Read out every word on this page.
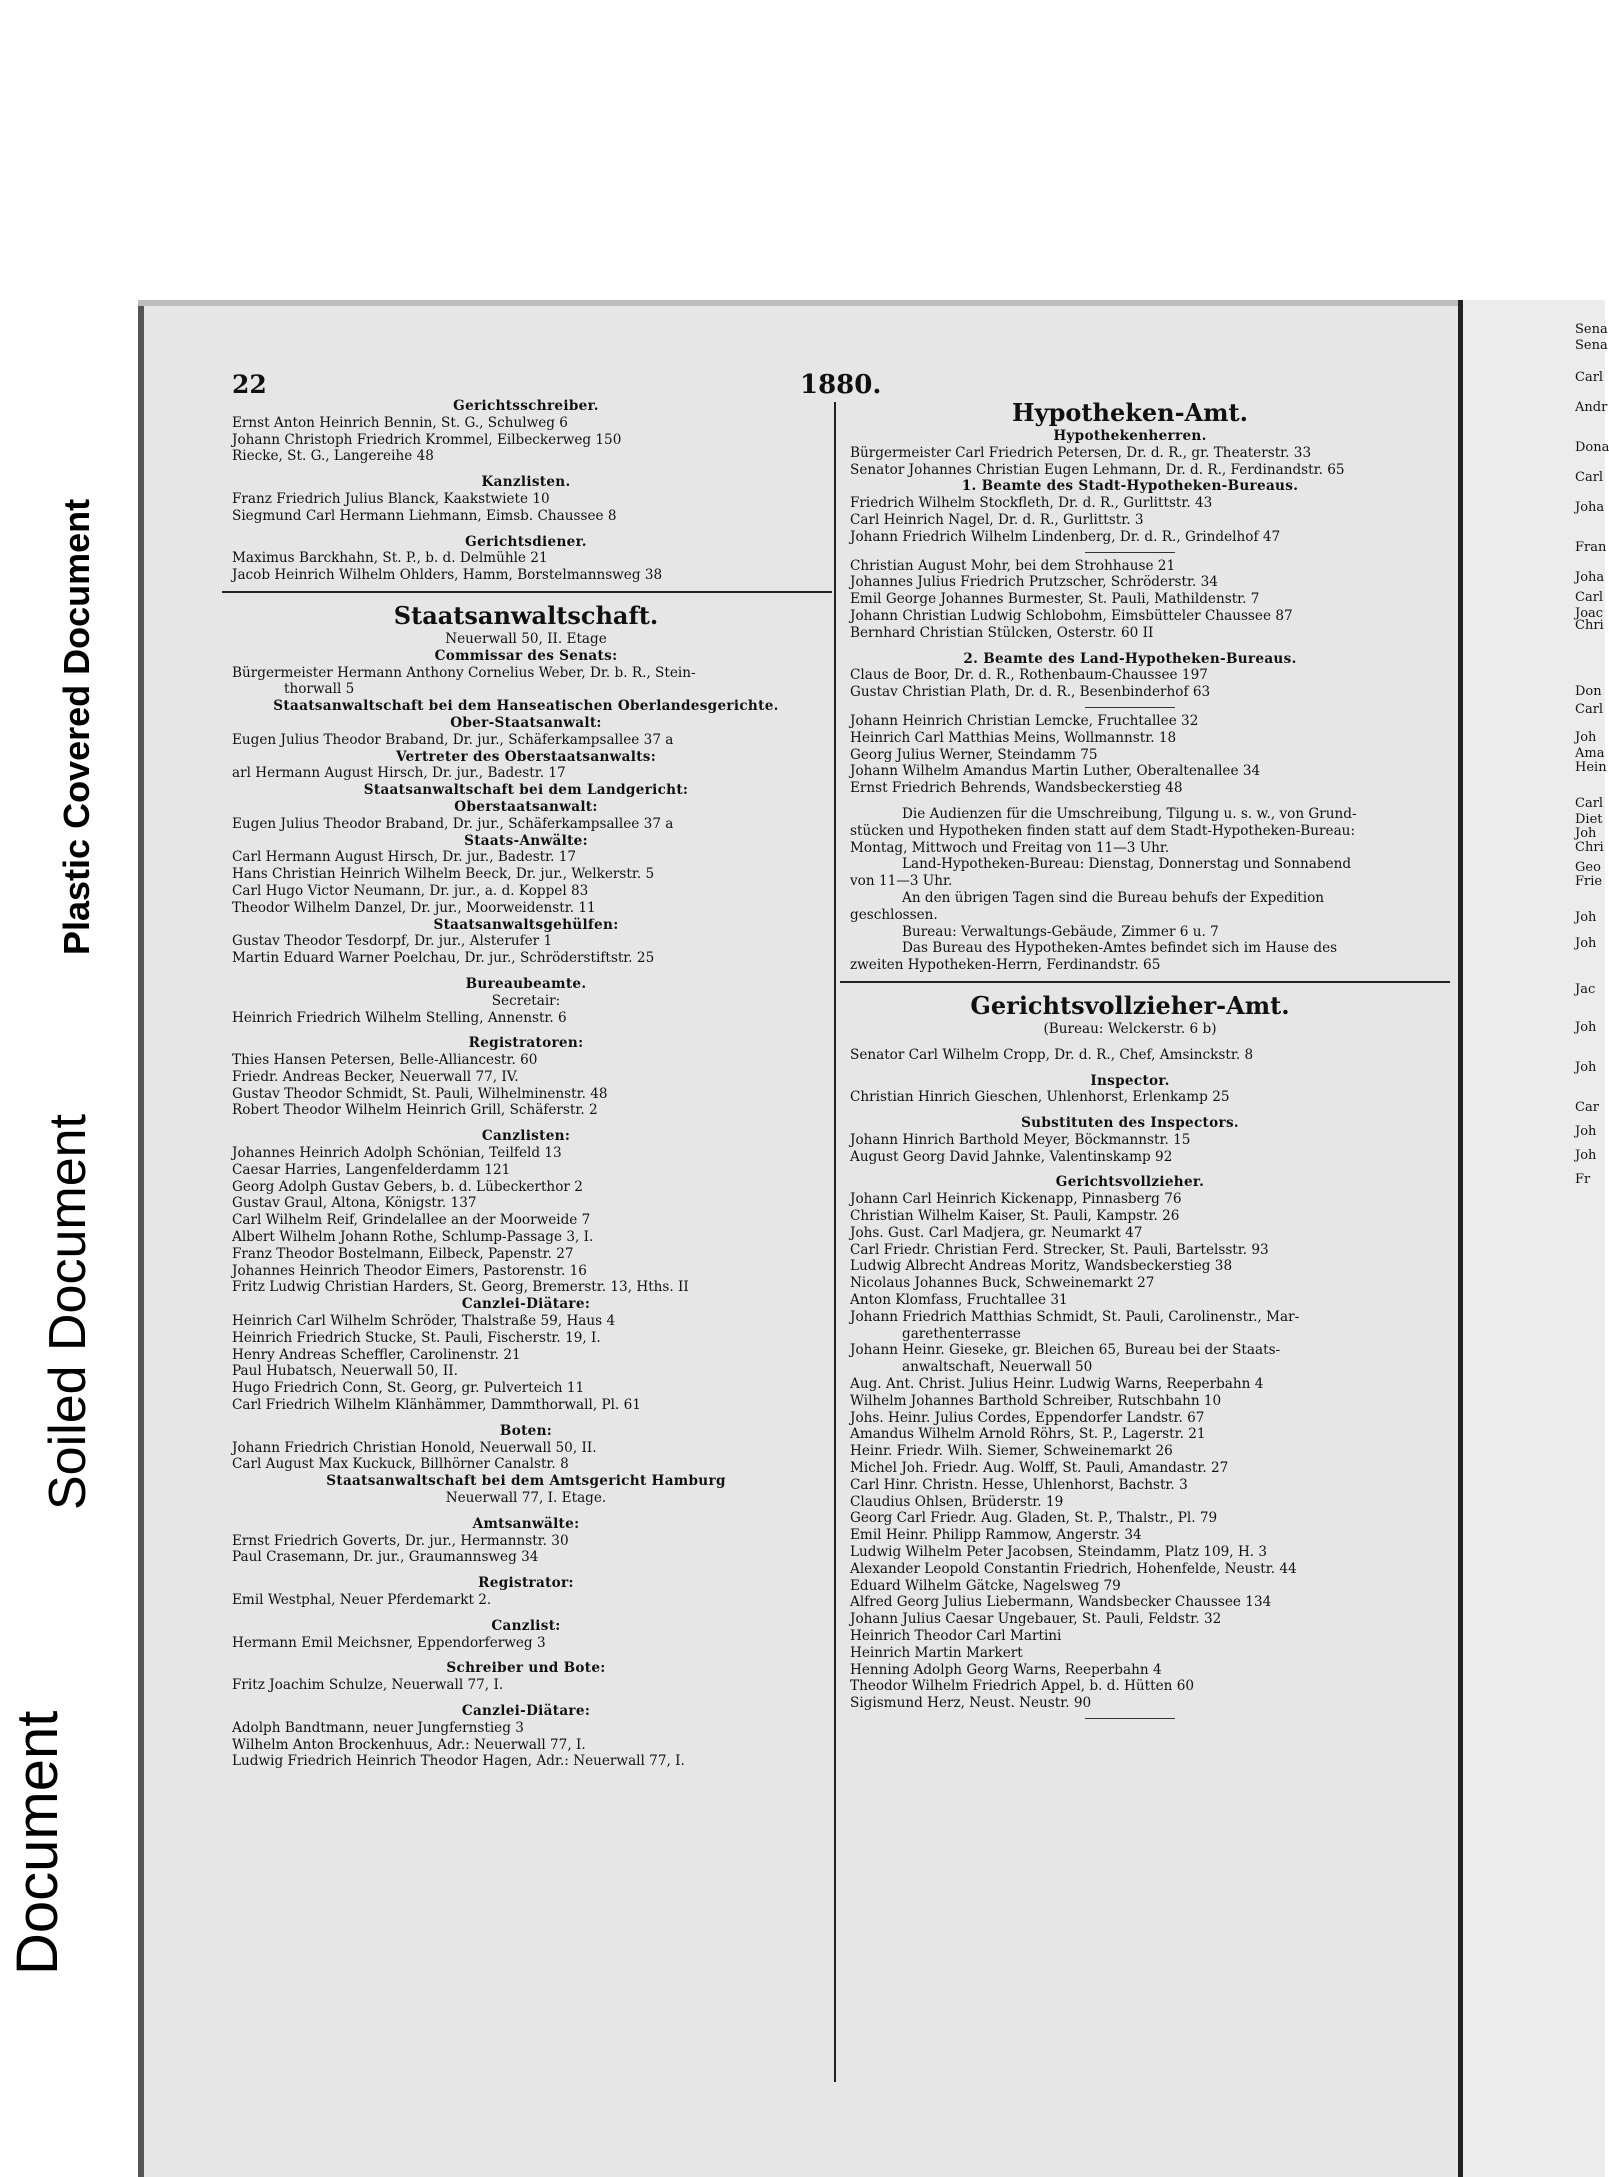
Plastic Covered Document
Soiled Document
Document
Sena
Sena
Carl
Andr
Dona
Carl
Joha
Fran
Joha
Carl
Joac
Chri
Don
Carl
Joh
Ama
Hein
Carl
Diet
Joh
Chri
Geo
Frie
Joh
Joh
Jac
Joh
Joh
Car
Joh
Joh
Fr
22	1880.
Gerichtsschreiber.
Ernst Anton Heinrich Bennin, St. G., Schulweg 6
Johann Christoph Friedrich Krommel, Eilbeckerweg 150
Riecke, St. G., Langereihe 48
Kanzlisten.
Franz Friedrich Julius Blanck, Kaakstwiete 10
Siegmund Carl Hermann Liehmann, Eimsb. Chaussee 8
Gerichtsdiener.
Maximus Barckhahn, St. P., b. d. Delmühle 21
Jacob Heinrich Wilhelm Ohlders, Hamm, Borstelmannsweg 38
Staatsanwaltschaft.
Neuerwall 50, II. Etage
Commissar des Senats:
Bürgermeister Hermann Anthony Cornelius Weber, Dr. b. R., Stein-
thorwall 5
Staatsanwaltschaft bei dem Hanseatischen Oberlandesgerichte.
Ober-Staatsanwalt:
Eugen Julius Theodor Braband, Dr. jur., Schäferkampsallee 37 a
Vertreter des Oberstaatsanwalts:
arl Hermann August Hirsch, Dr. jur., Badestr. 17
Staatsanwaltschaft bei dem Landgericht:
Oberstaatsanwalt:
Eugen Julius Theodor Braband, Dr. jur., Schäferkampsallee 37 a
Staats-Anwälte:
Carl Hermann August Hirsch, Dr. jur., Badestr. 17
Hans Christian Heinrich Wilhelm Beeck, Dr. jur., Welkerstr. 5
Carl Hugo Victor Neumann, Dr. jur., a. d. Koppel 83
Theodor Wilhelm Danzel, Dr. jur., Moorweidenstr. 11
Staatsanwaltsgehülfen:
Gustav Theodor Tesdorpf, Dr. jur., Alsterufer 1
Martin Eduard Warner Poelchau, Dr. jur., Schröderstiftstr. 25
Bureaubeamte.
Secretair:
Heinrich Friedrich Wilhelm Stelling, Annenstr. 6
Registratoren:
Thies Hansen Petersen, Belle-Alliancestr. 60
Friedr. Andreas Becker, Neuerwall 77, IV.
Gustav Theodor Schmidt, St. Pauli, Wilhelminenstr. 48
Robert Theodor Wilhelm Heinrich Grill, Schäferstr. 2
Canzlisten:
Johannes Heinrich Adolph Schönian, Teilfeld 13
Caesar Harries, Langenfelderdamm 121
Georg Adolph Gustav Gebers, b. d. Lübeckerthor 2
Gustav Graul, Altona, Königstr. 137
Carl Wilhelm Reif, Grindelallee an der Moorweide 7
Albert Wilhelm Johann Rothe, Schlump-Passage 3, I.
Franz Theodor Bostelmann, Eilbeck, Papenstr. 27
Johannes Heinrich Theodor Eimers, Pastorenstr. 16
Fritz Ludwig Christian Harders, St. Georg, Bremerstr. 13, Hths. II
Canzlei-Diätare:
Heinrich Carl Wilhelm Schröder, Thalstraße 59, Haus 4
Heinrich Friedrich Stucke, St. Pauli, Fischerstr. 19, I.
Henry Andreas Scheffler, Carolinenstr. 21
Paul Hubatsch, Neuerwall 50, II.
Hugo Friedrich Conn, St. Georg, gr. Pulverteich 11
Carl Friedrich Wilhelm Klänhämmer, Dammthorwall, Pl. 61
Boten:
Johann Friedrich Christian Honold, Neuerwall 50, II.
Carl August Max Kuckuck, Billhörner Canalstr. 8
Staatsanwaltschaft bei dem Amtsgericht Hamburg
Neuerwall 77, I. Etage.
Amtsanwälte:
Ernst Friedrich Goverts, Dr. jur., Hermannstr. 30
Paul Crasemann, Dr. jur., Graumannsweg 34
Registrator:
Emil Westphal, Neuer Pferdemarkt 2.
Canzlist:
Hermann Emil Meichsner, Eppendorferweg 3
Schreiber und Bote:
Fritz Joachim Schulze, Neuerwall 77, I.
Canzlei-Diätare:
Adolph Bandtmann, neuer Jungfernstieg 3
Wilhelm Anton Brockenhuus, Adr.: Neuerwall 77, I.
Ludwig Friedrich Heinrich Theodor Hagen, Adr.: Neuerwall 77, I.
Hypotheken-Amt.
Hypothekenherren.
Bürgermeister Carl Friedrich Petersen, Dr. d. R., gr. Theaterstr. 33
Senator Johannes Christian Eugen Lehmann, Dr. d. R., Ferdinandstr. 65
1. Beamte des Stadt-Hypotheken-Bureaus.
Friedrich Wilhelm Stockfleth, Dr. d. R., Gurlittstr. 43
Carl Heinrich Nagel, Dr. d. R., Gurlittstr. 3
Johann Friedrich Wilhelm Lindenberg, Dr. d. R., Grindelhof 47
Christian August Mohr, bei dem Strohhause 21
Johannes Julius Friedrich Prutzscher, Schröderstr. 34
Emil George Johannes Burmester, St. Pauli, Mathildenstr. 7
Johann Christian Ludwig Schlobohm, Eimsbütteler Chaussee 87
Bernhard Christian Stülcken, Osterstr. 60 II
2. Beamte des Land-Hypotheken-Bureaus.
Claus de Boor, Dr. d. R., Rothenbaum-Chaussee 197
Gustav Christian Plath, Dr. d. R., Besenbinderhof 63
Johann Heinrich Christian Lemcke, Fruchtallee 32
Heinrich Carl Matthias Meins, Wollmannstr. 18
Georg Julius Werner, Steindamm 75
Johann Wilhelm Amandus Martin Luther, Oberaltenallee 34
Ernst Friedrich Behrends, Wandsbeckerstieg 48
Die Audienzen für die Umschreibung, Tilgung u. s. w., von Grund-
stücken und Hypotheken finden statt auf dem Stadt-Hypotheken-Bureau:
Montag, Mittwoch und Freitag von 11—3 Uhr.
Land-Hypotheken-Bureau: Dienstag, Donnerstag und Sonnabend
von 11—3 Uhr.
An den übrigen Tagen sind die Bureau behufs der Expedition
geschlossen.
Bureau: Verwaltungs-Gebäude, Zimmer 6 u. 7
Das Bureau des Hypotheken-Amtes befindet sich im Hause des
zweiten Hypotheken-Herrn, Ferdinandstr. 65
Gerichtsvollzieher-Amt.
(Bureau: Welckerstr. 6 b)
Senator Carl Wilhelm Cropp, Dr. d. R., Chef, Amsinckstr. 8
Inspector.
Christian Hinrich Gieschen, Uhlenhorst, Erlenkamp 25
Substituten des Inspectors.
Johann Hinrich Barthold Meyer, Böckmannstr. 15
August Georg David Jahnke, Valentinskamp 92
Gerichtsvollzieher.
Johann Carl Heinrich Kickenapp, Pinnasberg 76
Christian Wilhelm Kaiser, St. Pauli, Kampstr. 26
Johs. Gust. Carl Madjera, gr. Neumarkt 47
Carl Friedr. Christian Ferd. Strecker, St. Pauli, Bartelsstr. 93
Ludwig Albrecht Andreas Moritz, Wandsbeckerstieg 38
Nicolaus Johannes Buck, Schweinemarkt 27
Anton Klomfass, Fruchtallee 31
Johann Friedrich Matthias Schmidt, St. Pauli, Carolinenstr., Mar-
garethenterrasse
Johann Heinr. Gieseke, gr. Bleichen 65, Bureau bei der Staats-
anwaltschaft, Neuerwall 50
Aug. Ant. Christ. Julius Heinr. Ludwig Warns, Reeperbahn 4
Wilhelm Johannes Barthold Schreiber, Rutschbahn 10
Johs. Heinr. Julius Cordes, Eppendorfer Landstr. 67
Amandus Wilhelm Arnold Röhrs, St. P., Lagerstr. 21
Heinr. Friedr. Wilh. Siemer, Schweinemarkt 26
Michel Joh. Friedr. Aug. Wolff, St. Pauli, Amandastr. 27
Carl Hinr. Christn. Hesse, Uhlenhorst, Bachstr. 3
Claudius Ohlsen, Brüderstr. 19
Georg Carl Friedr. Aug. Gladen, St. P., Thalstr., Pl. 79
Emil Heinr. Philipp Rammow, Angerstr. 34
Ludwig Wilhelm Peter Jacobsen, Steindamm, Platz 109, H. 3
Alexander Leopold Constantin Friedrich, Hohenfelde, Neustr. 44
Eduard Wilhelm Gätcke, Nagelsweg 79
Alfred Georg Julius Liebermann, Wandsbecker Chaussee 134
Johann Julius Caesar Ungebauer, St. Pauli, Feldstr. 32
Heinrich Theodor Carl Martini
Heinrich Martin Markert
Henning Adolph Georg Warns, Reeperbahn 4
Theodor Wilhelm Friedrich Appel, b. d. Hütten 60
Sigismund Herz, Neust. Neustr. 90
